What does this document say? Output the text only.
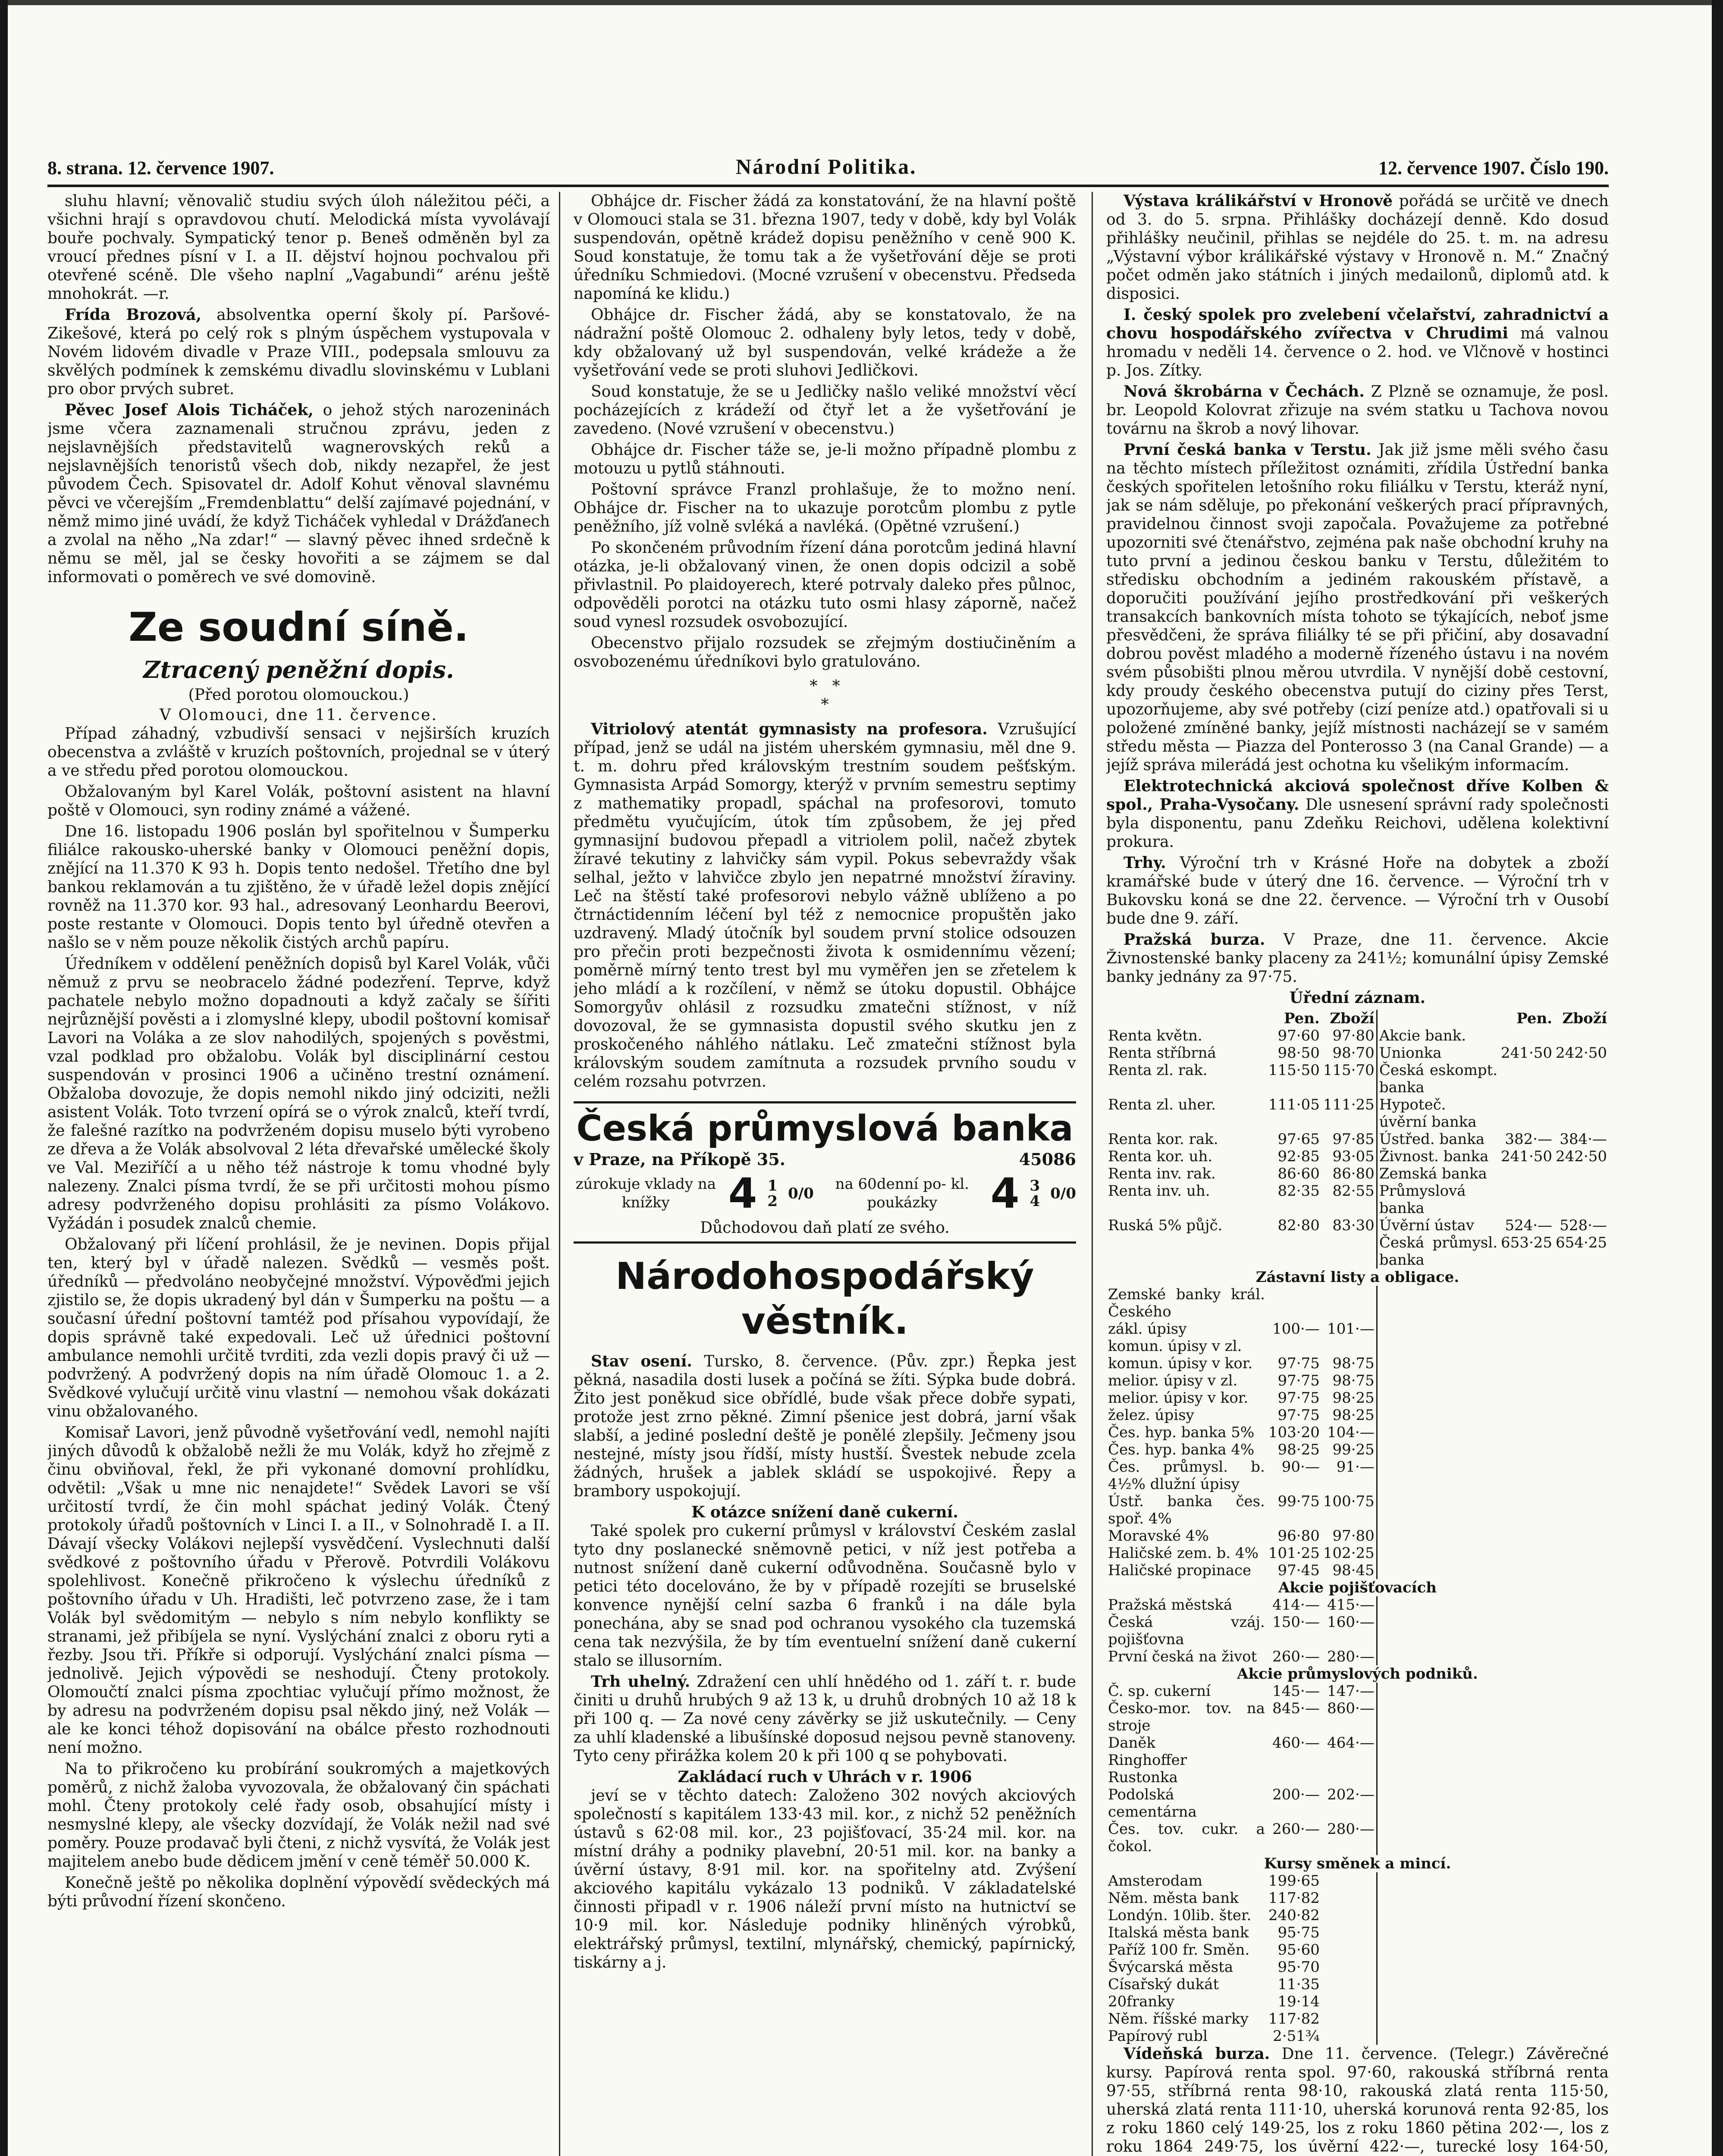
8. strana. 12. července 1907.	Národní Politika.	12. července 1907. Číslo 190.

sluhu hlavní; věnovalič studiu svých úloh náležitou péči, a všichni hrají s opravdovou chutí. Melodická místa vyvolávají bouře pochvaly. Sympatický tenor p. Beneš odměněn byl za vroucí přednes písní v I. a II. dějství hojnou pochvalou při otevřené scéně. Dle všeho naplní „Vagabundi“ arénu ještě mnohokrát. —r.

Frída Brozová, absolventka operní školy pí. Paršové-Zikešové, která po celý rok s plným úspěchem vystupovala v Novém lidovém divadle v Praze VIII., podepsala smlouvu za skvělých podmínek k zemskému divadlu slovinskému v Lublani pro obor prvých subret.

Pěvec Josef Alois Ticháček, o jehož stých narozeninách jsme včera zaznamenali stručnou zprávu, jeden z nejslavnějších představitelů wagnerovských reků a nejslavnějších tenoristů všech dob, nikdy nezapřel, že jest původem Čech. Spisovatel dr. Adolf Kohut věnoval slavnému pěvci ve včerejším „Fremdenblattu“ delší zajímavé pojednání, v němž mimo jiné uvádí, že když Ticháček vyhledal v Drážďanech a zvolal na něho „Na zdar!“ — slavný pěvec ihned srdečně k němu se měl, jal se česky hovořiti a se zájmem se dal informovati o poměrech ve své domovině.

Ze soudní síně.
Ztracený peněžní dopis.
(Před porotou olomouckou.)
V Olomouci, dne 11. července.

Případ záhadný, vzbudivší sensaci v nejširších kruzích obecenstva a zvláště v kruzích poštovních, projednal se v úterý a ve středu před porotou olomouckou.

Obžalovaným byl Karel Volák, poštovní asistent na hlavní poště v Olomouci, syn rodiny známé a vážené.

Dne 16. listopadu 1906 poslán byl spořitelnou v Šumperku filiálce rakousko-uherské banky v Olomouci peněžní dopis, znějící na 11.370 K 93 h. Dopis tento nedošel. Třetího dne byl bankou reklamován a tu zjištěno, že v úřadě ležel dopis znějící rovněž na 11.370 kor. 93 hal., adresovaný Leonhardu Beerovi, poste restante v Olomouci. Dopis tento byl úředně otevřen a našlo se v něm pouze několik čistých archů papíru.

Úředníkem v oddělení peněžních dopisů byl Karel Volák, vůči němuž z prvu se neobracelo žádné podezření. Teprve, když pachatele nebylo možno dopadnouti a když začaly se šířiti nejrůznější pověsti a i zlomyslné klepy, ubodil poštovní komisař Lavori na Voláka a ze slov nahodilých, spojených s pověstmi, vzal podklad pro obžalobu. Volák byl disciplinární cestou suspendován v prosinci 1906 a učiněno trestní oznámení. Obžaloba dovozuje, že dopis nemohl nikdo jiný odciziti, nežli asistent Volák. Toto tvrzení opírá se o výrok znalců, kteří tvrdí, že falešné razítko na podvrženém dopisu muselo býti vyrobeno ze dřeva a že Volák absolvoval 2 léta dřevařské umělecké školy ve Val. Meziříčí a u něho též nástroje k tomu vhodné byly nalezeny. Znalci písma tvrdí, že se při určitosti mohou písmo adresy podvrženého dopisu prohlásiti za písmo Volákovo. Vyžádán i posudek znalců chemie.

Obžalovaný při líčení prohlásil, že je nevinen. Dopis přijal ten, který byl v úřadě nalezen. Svědků — vesměs pošt. úředníků — předvoláno neobyčejné množství. Výpověďmi jejich zjistilo se, že dopis ukradený byl dán v Šumperku na poštu — a současní úřední poštovní tamtéž pod přísahou vypovídají, že dopis správně také expedovali. Leč už úřednici poštovní ambulance nemohli určitě tvrditi, zda vezli dopis pravý či už — podvržený. A podvržený dopis na ním úřadě Olomouc 1. a 2. Svědkové vylučují určitě vinu vlastní — nemohou však dokázati vinu obžalovaného.

Komisař Lavori, jenž původně vyšetřování vedl, nemohl najíti jiných důvodů k obžalobě nežli že mu Volák, když ho zřejmě z činu obviňoval, řekl, že při vykonané domovní prohlídku, odvětil: „Však u mne nic nenajdete!“ Svědek Lavori se vší určitostí tvrdí, že čin mohl spáchat jediný Volák. Čtený protokoly úřadů poštovních v Linci I. a II., v Solnohradě I. a II. Dávají všecky Volákovi nejlepší vysvědčení. Vyslechnuti další svědkové z poštovního úřadu v Přerově. Potvrdili Volákovu spolehlivost. Konečně přikročeno k výslechu úředníků z poštovního úřadu v Uh. Hradišti, leč potvrzeno zase, že i tam Volák byl svědomitým — nebylo s ním nebylo konflikty se stranami, jež přibíjela se nyní. Vyslýchání znalci z oboru ryti a řezby. Jsou tři. Příkře si odporují. Vyslýchání znalci písma — jednolivě. Jejich výpovědi se neshodují. Čteny protokoly. Olomoučtí znalci písma zpochtiac vylučují přímo možnost, že by adresu na podvrženém dopisu psal někdo jiný, než Volák — ale ke konci téhož dopisování na obálce přesto rozhodnouti není možno.

Na to přikročeno ku probírání soukromých a majetkových poměrů, z nichž žaloba vyvozovala, že obžalovaný čin spáchati mohl. Čteny protokoly celé řady osob, obsahující místy i nesmyslné klepy, ale všecky dozvídají, že Volák nežil nad své poměry. Pouze prodavač byli čteni, z nichž vysvítá, že Volák jest majitelem anebo bude dědicem jmění v ceně téměř 50.000 K.

Konečně ještě po několika doplnění výpovědí svědeckých má býti průvodní řízení skončeno.

Obhájce dr. Fischer žádá za konstatování, že na hlavní poště v Olomouci stala se 31. března 1907, tedy v době, kdy byl Volák suspendován, opětně krádež dopisu peněžního v ceně 900 K. Soud konstatuje, že tomu tak a že vyšetřování děje se proti úředníku Schmiedovi. (Mocné vzrušení v obecenstvu. Předseda napomíná ke klidu.)

Obhájce dr. Fischer žádá, aby se konstatovalo, že na nádražní poště Olomouc 2. odhaleny byly letos, tedy v době, kdy obžalovaný už byl suspendován, velké krádeže a že vyšetřování vede se proti sluhovi Jedličkovi.

Soud konstatuje, že se u Jedličky našlo veliké množství věcí pocházejících z krádeží od čtyř let a že vyšetřování je zavedeno. (Nové vzrušení v obecenstvu.)

Obhájce dr. Fischer táže se, je-li možno případně plombu z motouzu u pytlů stáhnouti.

Poštovní správce Franzl prohlašuje, že to možno není. Obhájce dr. Fischer na to ukazuje porotcům plombu z pytle peněžního, jíž volně svléká a navléká. (Opětné vzrušení.)

Po skončeném průvodním řízení dána porotcům jediná hlavní otázka, je-li obžalovaný vinen, že onen dopis odcizil a sobě přivlastnil. Po plaidoyerech, které potrvaly daleko přes půlnoc, odpověděli porotci na otázku tuto osmi hlasy záporně, načež soud vynesl rozsudek osvobozující.

Obecenstvo přijalo rozsudek se zřejmým dostiučiněním a osvobozenému úředníkovi bylo gratulováno.

*   *
*

Vitriolový atentát gymnasisty na profesora. Vzrušující případ, jenž se udál na jistém uherském gymnasiu, měl dne 9. t. m. dohru před královským trestním soudem pešťským. Gymnasista Arpád Somorgy, kterýž v prvním semestru septimy z mathematiky propadl, spáchal na profesorovi, tomuto předmětu vyučujícím, útok tím způsobem, že jej před gymnasijní budovou přepadl a vitriolem polil, načež zbytek žíravé tekutiny z lahvičky sám vypil. Pokus sebevraždy však selhal, ježto v lahvičce zbylo jen nepatrné množství žíraviny. Leč na štěstí také profesorovi nebylo vážně ublíženo a po čtrnáctidenním léčení byl též z nemocnice propuštěn jako uzdravený. Mladý útočník byl soudem první stolice odsouzen pro přečin proti bezpečnosti života k osmidennímu vězení; poměrně mírný tento trest byl mu vyměřen jen se zřetelem k jeho mládí a k rozčílení, v němž se útoku dopustil. Obhájce Somorgyův ohlásil z rozsudku zmatečni stížnost, v níž dovozoval, že se gymnasista dopustil svého skutku jen z proskočeného náhlého nátlaku. Leč zmatečni stížnost byla královským soudem zamítnuta a rozsudek prvního soudu v celém rozsahu potvrzen.

Česká průmyslová banka
v Praze, na Příkopě 35.	45086
zúrokuje vklady na knížky	4 1
2 0/0
na 60denní po- kl. poukázky	4 3
4 0/0
Důchodovou daň platí ze svého.
Národohospodářský věstník.

Stav osení. Tursko, 8. července. (Pův. zpr.) Řepka jest pěkná, nasadila dosti lusek a počíná se žíti. Sýpka bude dobrá. Žito jest poněkud sice obřídlé, bude však přece dobře sypati, protože jest zrno pěkné. Zimní pšenice jest dobrá, jarní však slabší, a jediné poslední deště je ponělé zlepšily. Ječmeny jsou nestejné, místy jsou řídší, místy hustší. Švestek nebude zcela žádných, hrušek a jablek skládí se uspokojivé. Řepy a brambory uspokojují.

K otázce snížení daně cukerní.

Také spolek pro cukerní průmysl v království Českém zaslal tyto dny poslanecké sněmovně petici, v níž jest potřeba a nutnost snížení daně cukerní odůvodněna. Současně bylo v petici této docelováno, že by v případě rozejíti se bruselské konvence nynější celní sazba 6 franků i na dále byla ponechána, aby se snad pod ochranou vysokého cla tuzemská cena tak nezvýšila, že by tím eventuelní snížení daně cukerní stalo se illusorním.

Trh uhelný. Zdražení cen uhlí hnědého od 1. září t. r. bude činiti u druhů hrubých 9 až 13 k, u druhů drobných 10 až 18 k při 100 q. — Za nové ceny závěrky se již uskutečnily. — Ceny za uhlí kladenské a libušínské doposud nejsou pevně stanoveny. Tyto ceny přirážka kolem 20 k při 100 q se pohybovati.

Zakládací ruch v Uhrách v r. 1906

jeví se v těchto datech: Založeno 302 nových akciových společností s kapitálem 133·43 mil. kor., z nichž 52 peněžních ústavů s 62·08 mil. kor., 23 pojišťovací, 35·24 mil. kor. na místní dráhy a podniky plavební, 20·51 mil. kor. na banky a úvěrní ústavy, 8·91 mil. kor. na spořitelny atd. Zvýšení akciového kapitálu vykázalo 13 podniků. V základatelské činnosti připadl v r. 1906 náleží první místo na hutnictví se 10·9 mil. kor. Následuje podniky hliněných výrobků, elektrářský průmysl, textilní, mlynářský, chemický, papírnický, tiskárny a j.

Výstava králikářství v Hronově pořádá se určitě ve dnech od 3. do 5. srpna. Přihlášky docházejí denně. Kdo dosud přihlášky neučinil, přihlas se nejdéle do 25. t. m. na adresu „Výstavní výbor králikářské výstavy v Hronově n. M.“ Značný počet odměn jako státních i jiných medailonů, diplomů atd. k disposici.

I. český spolek pro zvelebení včelařství, zahradnictví a chovu hospodářského zvířectva v Chrudimi má valnou hromadu v neděli 14. července o 2. hod. ve Vlčnově v hostinci p. Jos. Zítky.

Nová škrobárna v Čechách. Z Plzně se oznamuje, že posl. br. Leopold Kolovrat zřizuje na svém statku u Tachova novou továrnu na škrob a nový lihovar.

První česká banka v Terstu. Jak již jsme měli svého času na těchto místech příležitost oznámiti, zřídila Ústřední banka českých spořitelen letošního roku filiálku v Terstu, kteráž nyní, jak se nám sděluje, po překonání veškerých prací přípravných, pravidelnou činnost svoji započala. Považujeme za potřebné upozorniti své čtenářstvo, zejména pak naše obchodní kruhy na tuto první a jedinou českou banku v Terstu, důležitém to středisku obchodním a jediném rakouském přístavě, a doporučiti používání jejího prostředkování při veškerých transakcích bankovních místa tohoto se týkajících, neboť jsme přesvědčeni, že správa filiálky té se při přičiní, aby dosavadní dobrou pověst mladého a moderně řízeného ústavu i na novém svém působišti plnou měrou utvrdila. V nynější době cestovní, kdy proudy českého obecenstva putují do ciziny přes Terst, upozorňujeme, aby své potřeby (cizí peníze atd.) opatřovali si u položené zmíněné banky, jejíž místnosti nacházejí se v samém středu města — Piazza del Ponterosso 3 (na Canal Grande) — a jejíž správa milerádá jest ochotna ku všelikým informacím.

Elektrotechnická akciová společnost dříve Kolben & spol., Praha-Vysočany. Dle usnesení správní rady společnosti byla disponentu, panu Zdeňku Reichovi, udělena kolektivní prokura.

Trhy. Výroční trh v Krásné Hoře na dobytek a zboží kramářské bude v úterý dne 16. července. — Výroční trh v Bukovsku koná se dne 22. července. — Výroční trh v Ousobí bude dne 9. září.

Pražská burza. V Praze, dne 11. července. Akcie Živnostenské banky placeny za 241½; komunální úpisy Zemské banky jednány za 97·75.

Úřední záznam.
	Pen.	Zboží		Pen.	Zboží
Renta květn.	97·60	97·80	Akcie bank.		
Renta stříbrná	98·50	98·70	Unionka	241·50	242·50
Renta zl. rak.	115·50	115·70	Česká eskompt. banka		
Renta zl. uher.	111·05	111·25	Hypoteč. úvěrní banka		
Renta kor. rak.	97·65	97·85	Ústřed. banka	382·—	384·—
Renta kor. uh.	92·85	93·05	Živnost. banka	241·50	242·50
Renta inv. rak.	86·60	86·80	Zemská banka		
Renta inv. uh.	82·35	82·55	Průmyslová banka		
Ruská 5% půjč.	82·80	83·30	Úvěrní ústav	524·—	528·—
			Česká průmysl. banka	653·25	654·25
Zástavní listy a obligace.					
Zemské banky král. Českého					
zákl. úpisy	100·—	101·—			
komun. úpisy v zl.					
komun. úpisy v kor.	97·75	98·75			
melior. úpisy v zl.	97·75	98·75			
melior. úpisy v kor.	97·75	98·25			
želez. úpisy	97·75	98·25			
Čes. hyp. banka 5%	103·20	104·—			
Čes. hyp. banka 4%	98·25	99·25			
Čes. průmysl. b. 4½% dlužní úpisy	90·—	91·—			
Ústř. banka čes. spoř. 4%	99·75	100·75			
Moravské 4%	96·80	97·80			
Haličské zem. b. 4%	101·25	102·25			
Haličské propinace	97·45	98·45			
Akcie pojišťovacích					
Pražská městská	414·—	415·—			
Česká vzáj. pojišťovna	150·—	160·—			
První česká na život	260·—	280·—			
Akcie průmyslových podniků.					
Č. sp. cukerní	145·—	147·—			
Česko-mor. tov. na stroje	845·—	860·—			
Daněk	460·—	464·—			
Ringhoffer					
Rustonka					
Podolská cementárna	200·—	202·—			
Čes. tov. cukr. a čokol.	260·—	280·—			
Kursy směnek a mincí.					
Amsterodam	199·65				
Něm. města bank	117·82				
Londýn. 10lib. šter.	240·82				
Italská města bank	95·75				
Paříž 100 fr. Směn.	95·60				
Švýcarská města	95·70				
Císařský dukát	11·35				
20franky	19·14				
Něm. říšské marky	117·82				
Papírový rubl	2·51¾				

Vídeňská burza. Dne 11. července. (Telegr.) Závěrečné kursy. Papírová renta spol. 97·60, rakouská stříbrná renta 97·55, stříbrná renta 98·10, rakouská zlatá renta 115·50, uherská zlatá renta 111·10, uherská korunová renta 92·85, los z roku 1860 celý 149·25, los z roku 1860 pětina 202·—, los z roku 1864 249·75, los úvěrní 422·—, turecké losy 164·50,
